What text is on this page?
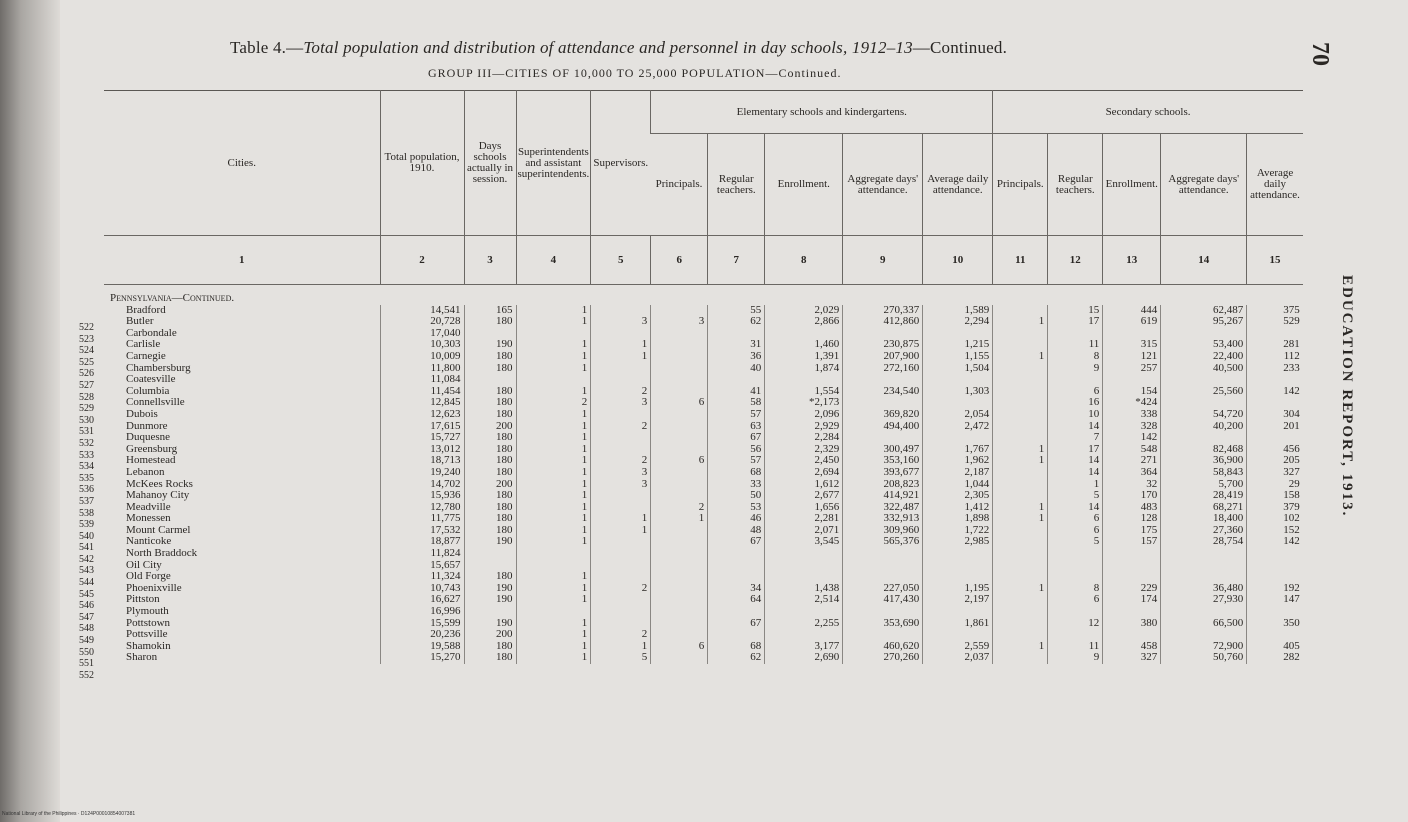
Table 4.—Total population and distribution of attendance and personnel in day schools, 1912–13—Continued.
GROUP III—CITIES OF 10,000 TO 25,000 POPULATION—Continued.
70
EDUCATION REPORT, 1913.
522
523
524
525
526
527
528
529
530
531
532
533
534
535
536
537
538
539
540
541
542
543
544
545
546
547
548
549
550
551
552
Cities.	Total population, 1910.	Days schools actually in session.	Superintendents and assistant superintendents.	Supervisors.	Elementary schools and kindergartens.					Secondary schools.				
					Principals.	Regular teachers.	Enrollment.	Aggregate days' attendance.	Average daily attendance.	Principals.	Regular teachers.	Enrollment.	Aggregate days' attendance.	Average daily attendance.
1	2	3	4	5	6	7	8	9	10	11	12	13	14	15
Pennsylvania—Continued.														
Bradford	14,541	165	1			55	2,029	270,337	1,589		15	444	62,487	375
Butler	20,728	180	1	3	3	62	2,866	412,860	2,294	1	17	619	95,267	529
Carbondale	17,040													
Carlisle	10,303	190	1	1		31	1,460	230,875	1,215		11	315	53,400	281
Carnegie	10,009	180	1	1		36	1,391	207,900	1,155	1	8	121	22,400	112
Chambersburg	11,800	180	1			40	1,874	272,160	1,504		9	257	40,500	233
Coatesville	11,084													
Columbia	11,454	180	1	2		41	1,554	234,540	1,303		6	154	25,560	142
Connellsville	12,845	180	2	3	6	58	*2,173				16	*424		
Dubois	12,623	180	1			57	2,096	369,820	2,054		10	338	54,720	304
Dunmore	17,615	200	1	2		63	2,929	494,400	2,472		14	328	40,200	201
Duquesne	15,727	180	1			67	2,284				7	142		
Greensburg	13,012	180	1			56	2,329	300,497	1,767	1	17	548	82,468	456
Homestead	18,713	180	1	2	6	57	2,450	353,160	1,962	1	14	271	36,900	205
Lebanon	19,240	180	1	3		68	2,694	393,677	2,187		14	364	58,843	327
McKees Rocks	14,702	200	1	3		33	1,612	208,823	1,044		1	32	5,700	29
Mahanoy City	15,936	180	1			50	2,677	414,921	2,305		5	170	28,419	158
Meadville	12,780	180	1		2	53	1,656	322,487	1,412	1	14	483	68,271	379
Monessen	11,775	180	1	1	1	46	2,281	332,913	1,898	1	6	128	18,400	102
Mount Carmel	17,532	180	1	1		48	2,071	309,960	1,722		6	175	27,360	152
Nanticoke	18,877	190	1			67	3,545	565,376	2,985		5	157	28,754	142
North Braddock	11,824													
Oil City	15,657													
Old Forge	11,324	180	1											
Phoenixville	10,743	190	1	2		34	1,438	227,050	1,195	1	8	229	36,480	192
Pittston	16,627	190	1			64	2,514	417,430	2,197		6	174	27,930	147
Plymouth	16,996													
Pottstown	15,599	190	1			67	2,255	353,690	1,861		12	380	66,500	350
Pottsville	20,236	200	1	2										
Shamokin	19,588	180	1	1	6	68	3,177	460,620	2,559	1	11	458	72,900	405
Sharon	15,270	180	1	5		62	2,690	270,260	2,037		9	327	50,760	282
National Library of the Philippines · D124P00010854007381
